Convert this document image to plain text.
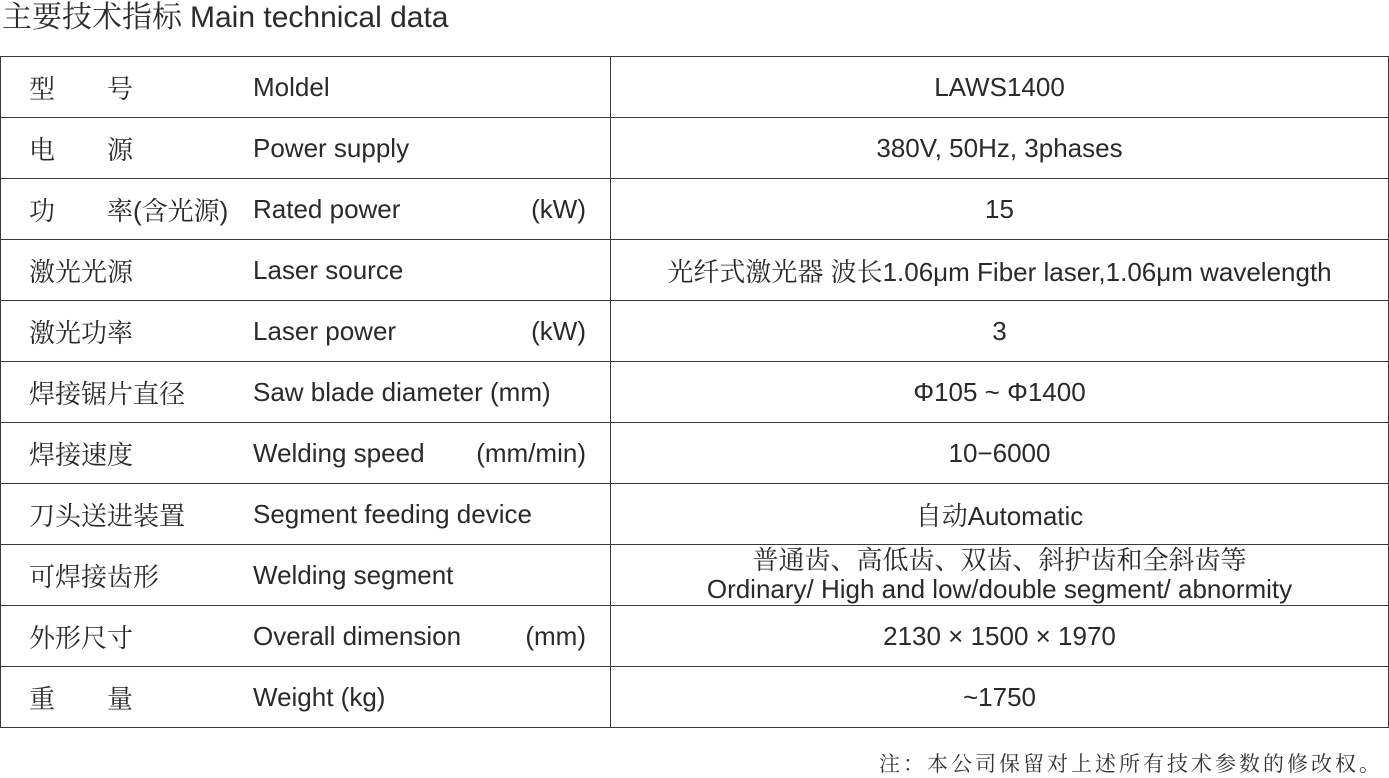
主要技术指标 Main technical data
型 号 Moldel	LAWS1400

电 源 Power supply	380V, 50Hz, 3phases

功 率(含光源) Rated power (kW)	15

激光光源 Laser source	光纤式激光器 波长1.06μm Fiber laser,1.06μm wavelength

激光功率 Laser power (kW)	3

焊接锯片直径 Saw blade diameter (mm)	Φ105 ~ Φ1400

焊接速度 Welding speed (mm/min)	10−6000

刀头送进装置 Segment feeding device	自动Automatic

可焊接齿形 Welding segment	普通齿、高低齿、双齿、斜护齿和全斜齿等
Ordinary/ High and low/double segment/ abnormity

外形尺寸 Overall dimension (mm)	2130 × 1500 × 1970

重 量 Weight (kg)	~1750
注：本公司保留对上述所有技术参数的修改权。
